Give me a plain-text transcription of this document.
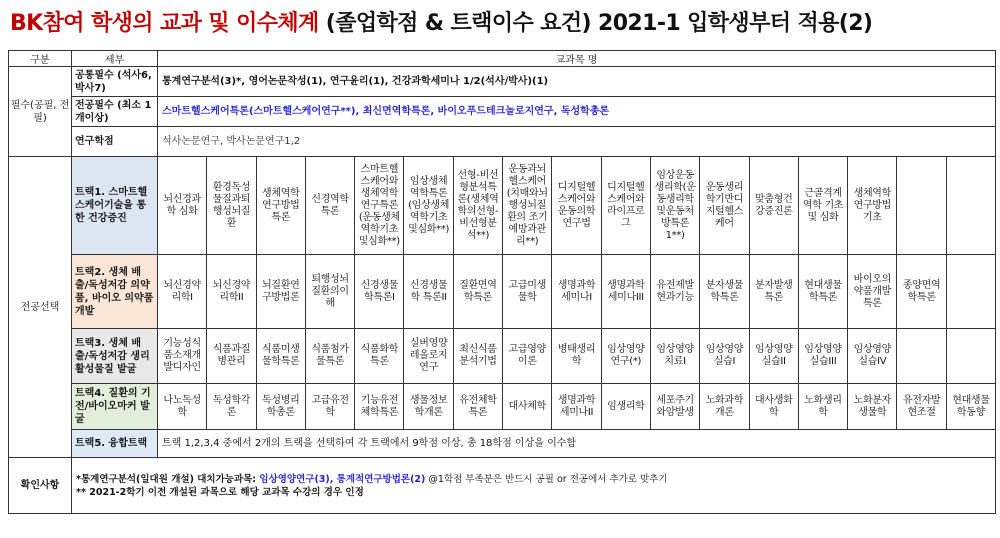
BK참여 학생의 교과 및 이수체계 (졸업학점 & 트랙이수 요건) 2021-1 입학생부터 적용(2)
구분	세부	교과목 명																
필수(공필, 전필)	공통필수 (석사6, 박사7)	통계연구분석(3)*, 영어논문작성(1), 연구윤리(1), 건강과학세미나 1/2(석사/박사)(1)																
	전공필수 (최소 1개이상)	스마트헬스케어특론(스마트헬스케어연구**), 최신면역학특론, 바이오푸드테크놀로지연구, 독성학총론																
	연구학점	석사논문연구, 박사논문연구1,2																
전공선택	트랙1. 스마트헬스케어기술을 통한 건강증진	뇌신경과학 심화	환경독성물질과퇴행성뇌질환	생체역학연구방법특론	신경역학특론	스마트헬스케어와생체역학연구특론(운동생체역학기초및심화**)	임상생체역학특론(임상생체역학기초및심화**)	선형-비선형분석특론(생체역학의선형-비선형분석**)	운동과뇌헬스케어(치매와뇌행성뇌질환의 조기예방과관리**)	디지털헬스케어와운동의학연구법	디지털헬스케어와라이프로그	임상운동생리학(운동생리학및운동처방특론1**)	운동생리학기반디지털헬스케어	맞춤형건강증진론	근골격계역학 기초 및 심화	생체역학연구방법 기초		
	트랙2. 생체 배출/독성저감 의약품, 바이오 의약품 개발	뇌신경약리학I	뇌신경약리학II	뇌질환연구방법론	퇴행성뇌질환의이해	신경생물학특론I	신경생물학 특론II	질환면역학특론	고급미생물학	생명과학세미나I	생명과학세미나III	유전제발현과기능	분자생물학특론	분자발생특론	현대생물학특론	바이오의약품개발특론	종양면역학특론	
	트랙3. 생체 배출/독성저감 생리활성물질 발굴	기능성식품소재개발디자인	식품과질병관리	식품미생물학특론	식품첨가물특론	식품화학특론	실버영양레올로지연구	최신식품분석기법	고급영양이론	병태생리학	임상영양연구(*)	임상영양치료I	임상영양실습I	임상영양실습II	임상영양실습III	임상영양실습IV		
	트랙4. 질환의 기전/바이오마커 발굴	나노독성학	독성학각론	독성병리학총론	고급유전학	기능유전체학특론	생물정보학개론	유전체학특론	대사체학	생명과학세미나II	임생리학	세포주기와암발생	노화과학개론	대사생화학	노화생리학	노화분자생물학	유전자발현조절	현대생물학동향
	트랙5. 융합트랙	트랙 1,2,3,4 중에서 2개의 트랙을 선택하여 각 트랙에서 9학점 이상, 총 18학점 이상을 이수함																
확인사항	*통계연구분석(일대원 개설) 대치가능과목: 임상영양연구(3), 통계적연구방법론(2) @1학점 부족분은 반드시 공필 or 전공에서 추가로 맞추기
** 2021-2학기 이전 개설된 과목으로 해당 교과목 수강의 경우 인정																	
